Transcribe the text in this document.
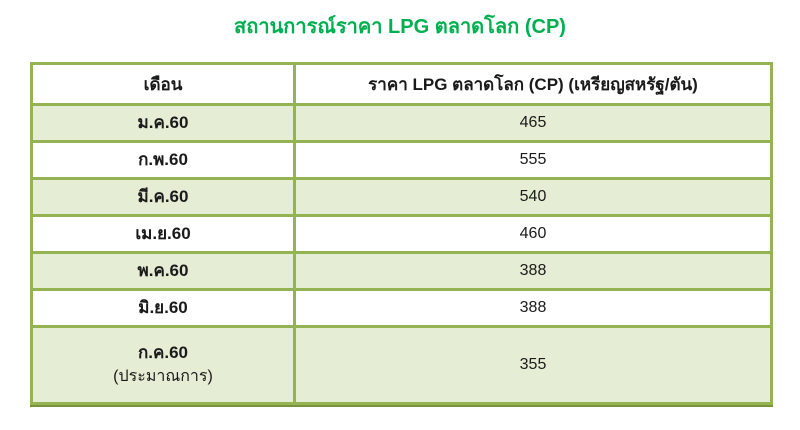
สถานการณ์ราคา LPG ตลาดโลก (CP)
เดือน	ราคา LPG ตลาดโลก (CP) (เหรียญสหรัฐ/ตัน)

ม.ค.60	465

ก.พ.60	555

มี.ค.60	540

เม.ย.60	460

พ.ค.60	388

มิ.ย.60	388

ก.ค.60
(ประมาณการ)	355
